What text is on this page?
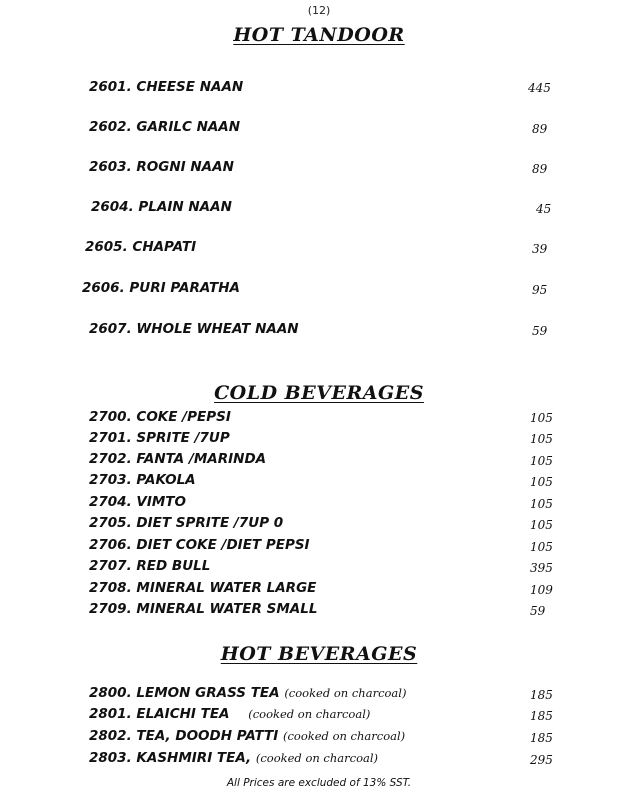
(12)
HOT TANDOOR
2601. CHEESE NAAN	445
2602. GARILC NAAN	89
2603. ROGNI NAAN	89
2604. PLAIN NAAN	45
2605. CHAPATI	39
2606. PURI PARATHA	95
2607. WHOLE WHEAT NAAN	59
COLD BEVERAGES
2700. COKE /PEPSI	105
2701. SPRITE /7UP	105
2702. FANTA /MARINDA	105
2703. PAKOLA	105
2704. VIMTO	105
2705. DIET SPRITE /7UP 0	105
2706. DIET COKE /DIET PEPSI	105
2707. RED BULL	395
2708. MINERAL WATER LARGE	109
2709. MINERAL WATER SMALL	59
HOT BEVERAGES
2800. LEMON GRASS TEA (cooked on charcoal)	185
2801. ELAICHI TEA (cooked on charcoal)	185
2802. TEA, DOODH PATTI (cooked on charcoal)	185
2803. KASHMIRI TEA, (cooked on charcoal)	295
All Prices are excluded of 13% SST.
